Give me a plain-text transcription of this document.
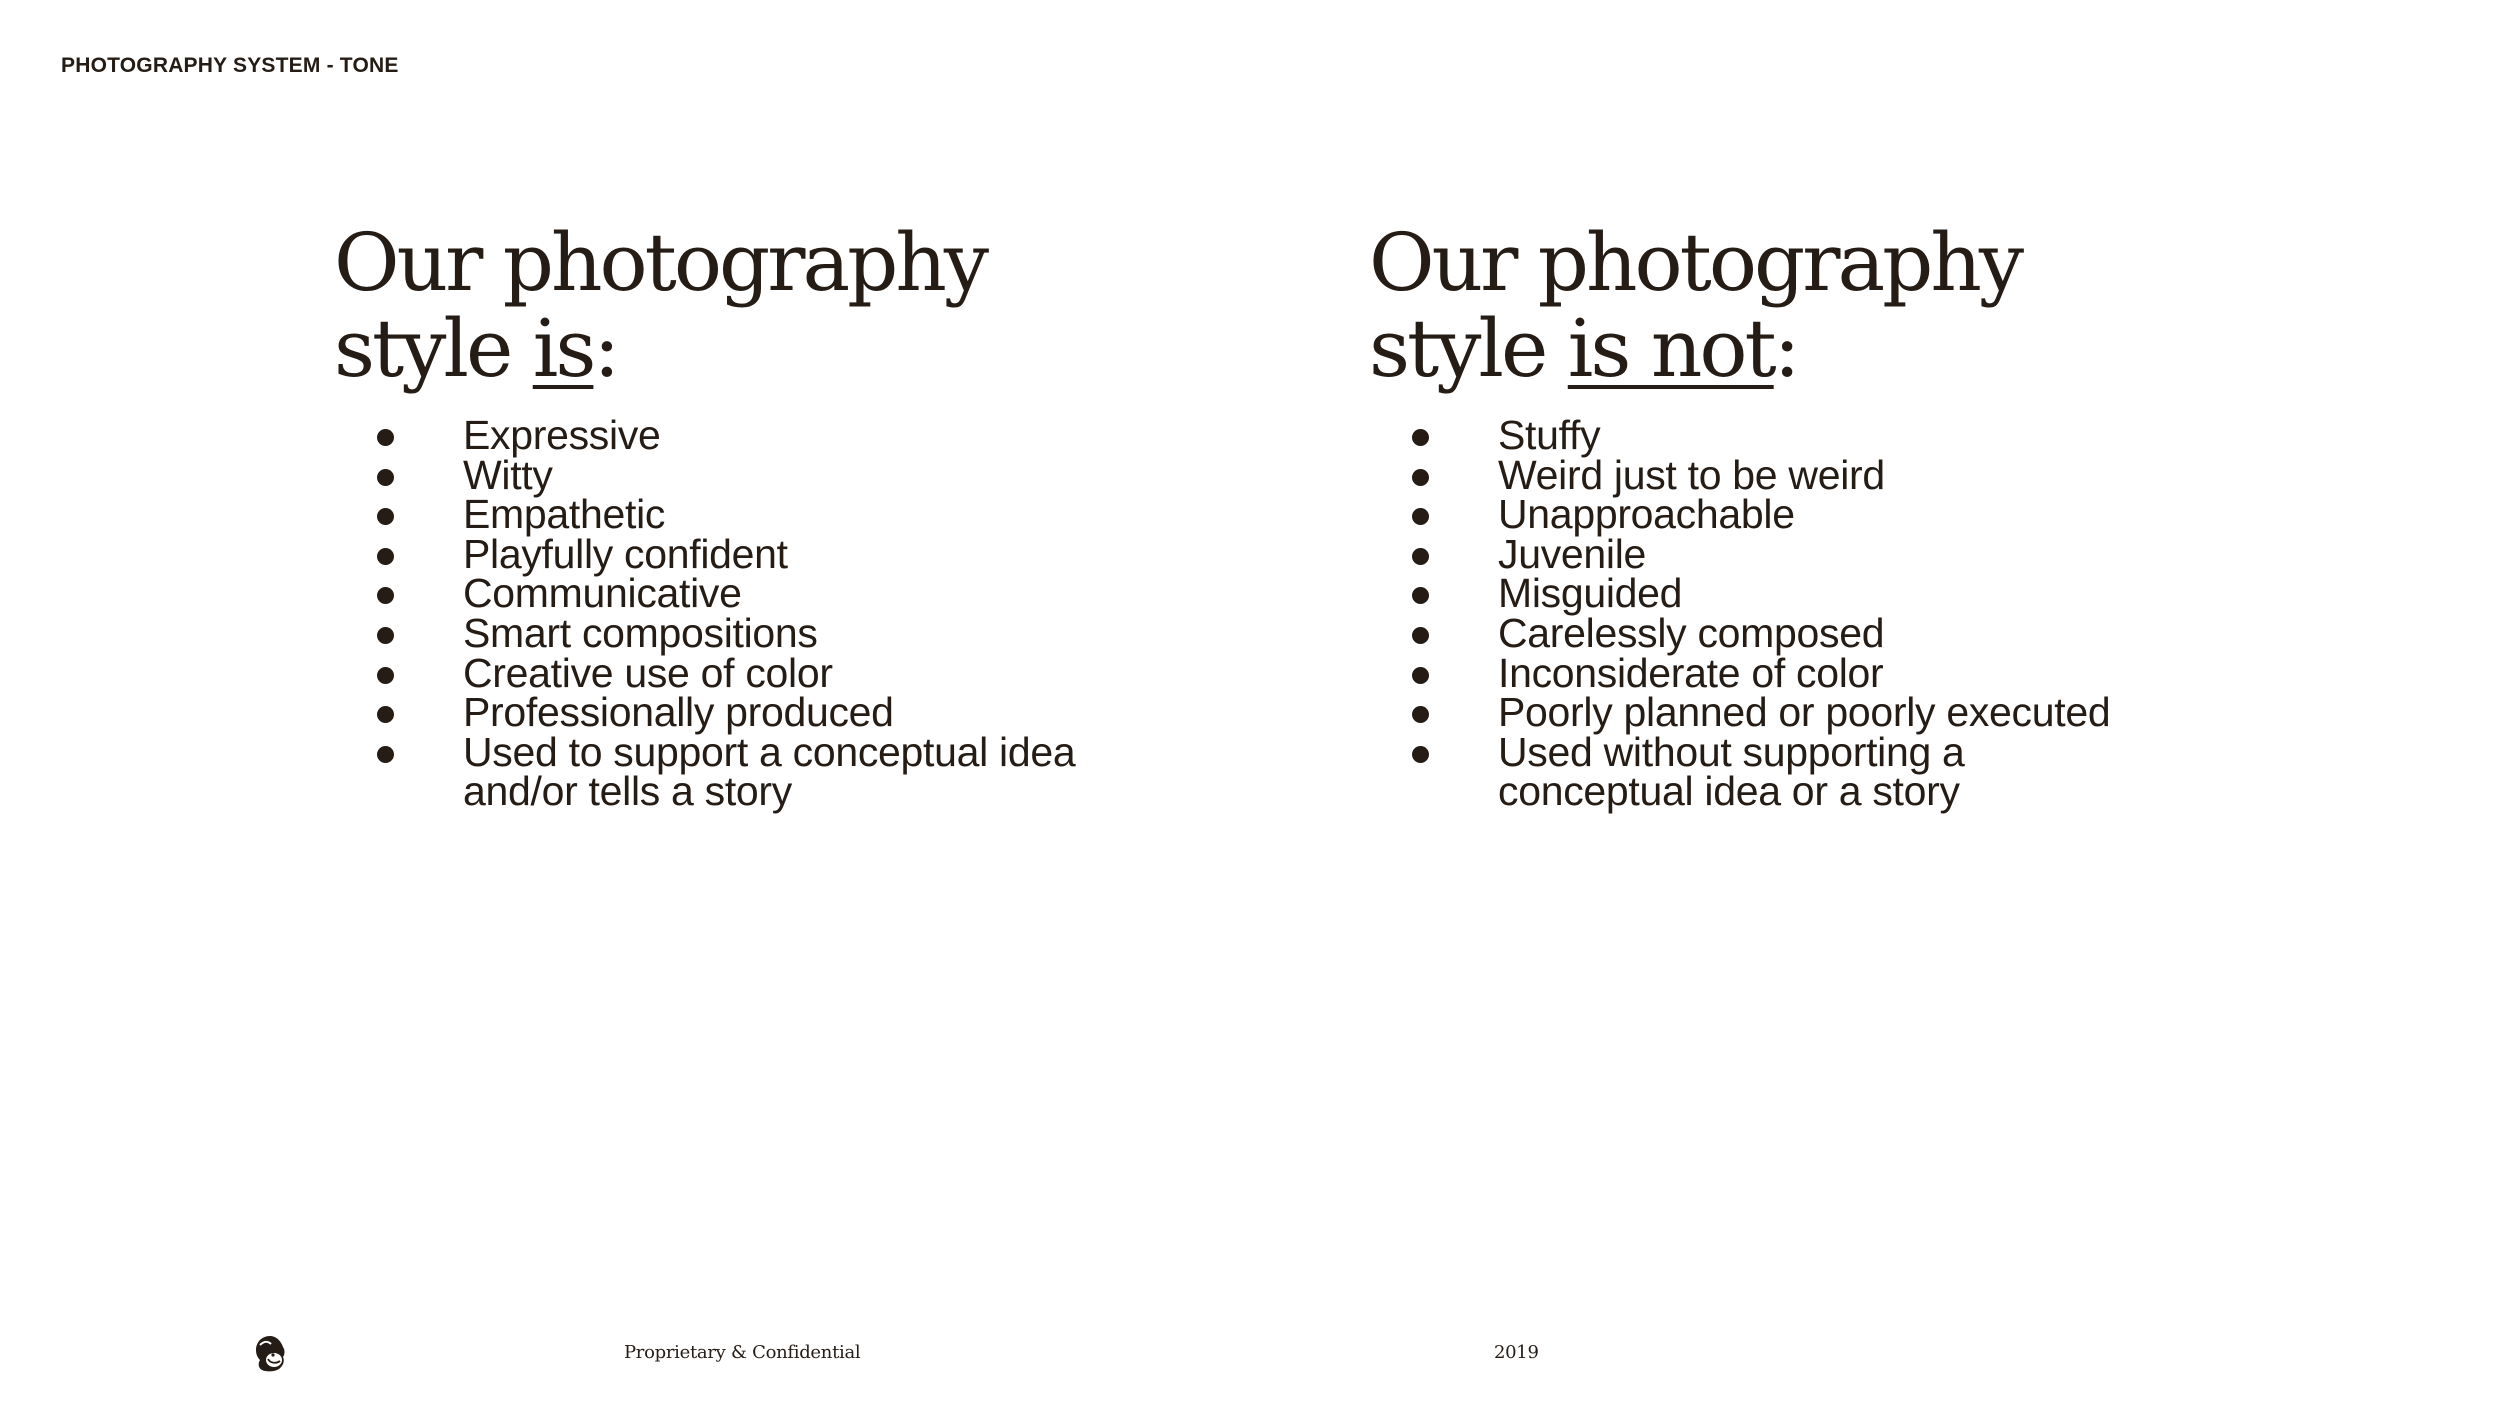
PHOTOGRAPHY SYSTEM - TONE
Our photography
style is:
Expressive
Witty
Empathetic
Playfully confident
Communicative
Smart compositions
Creative use of color
Professionally produced
Used to support a conceptual idea
and/or tells a story
Our photography
style is not:
Stuffy
Weird just to be weird
Unapproachable
Juvenile
Misguided
Carelessly composed
Inconsiderate of color
Poorly planned or poorly executed
Used without supporting a
conceptual idea or a story
Proprietary & Confidential	2019
